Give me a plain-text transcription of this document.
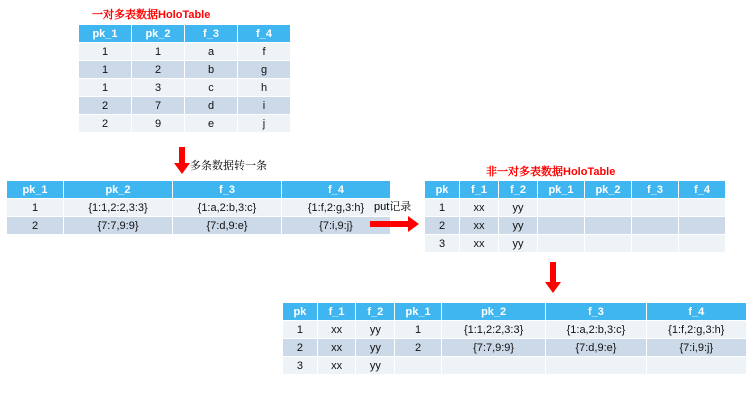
一对多表数据HoloTable
pk_1	pk_2	f_3	f_4
1	1	a	f
1	2	b	g
1	3	c	h
2	7	d	i
2	9	e	j
多条数据转一条
pk_1	pk_2	f_3	f_4
1	{1:1,2:2,3:3}	{1:a,2:b,3:c}	{1:f,2:g,3:h}
2	{7:7,9:9}	{7:d,9:e}	{7:i,9:j}
put记录
非一对多表数据HoloTable
pk	f_1	f_2	pk_1	pk_2	f_3	f_4
1	xx	yy				
2	xx	yy				
3	xx	yy				
pk	f_1	f_2	pk_1	pk_2	f_3	f_4
1	xx	yy	1	{1:1,2:2,3:3}	{1:a,2:b,3:c}	{1:f,2:g,3:h}
2	xx	yy	2	{7:7,9:9}	{7:d,9:e}	{7:i,9:j}
3	xx	yy				
